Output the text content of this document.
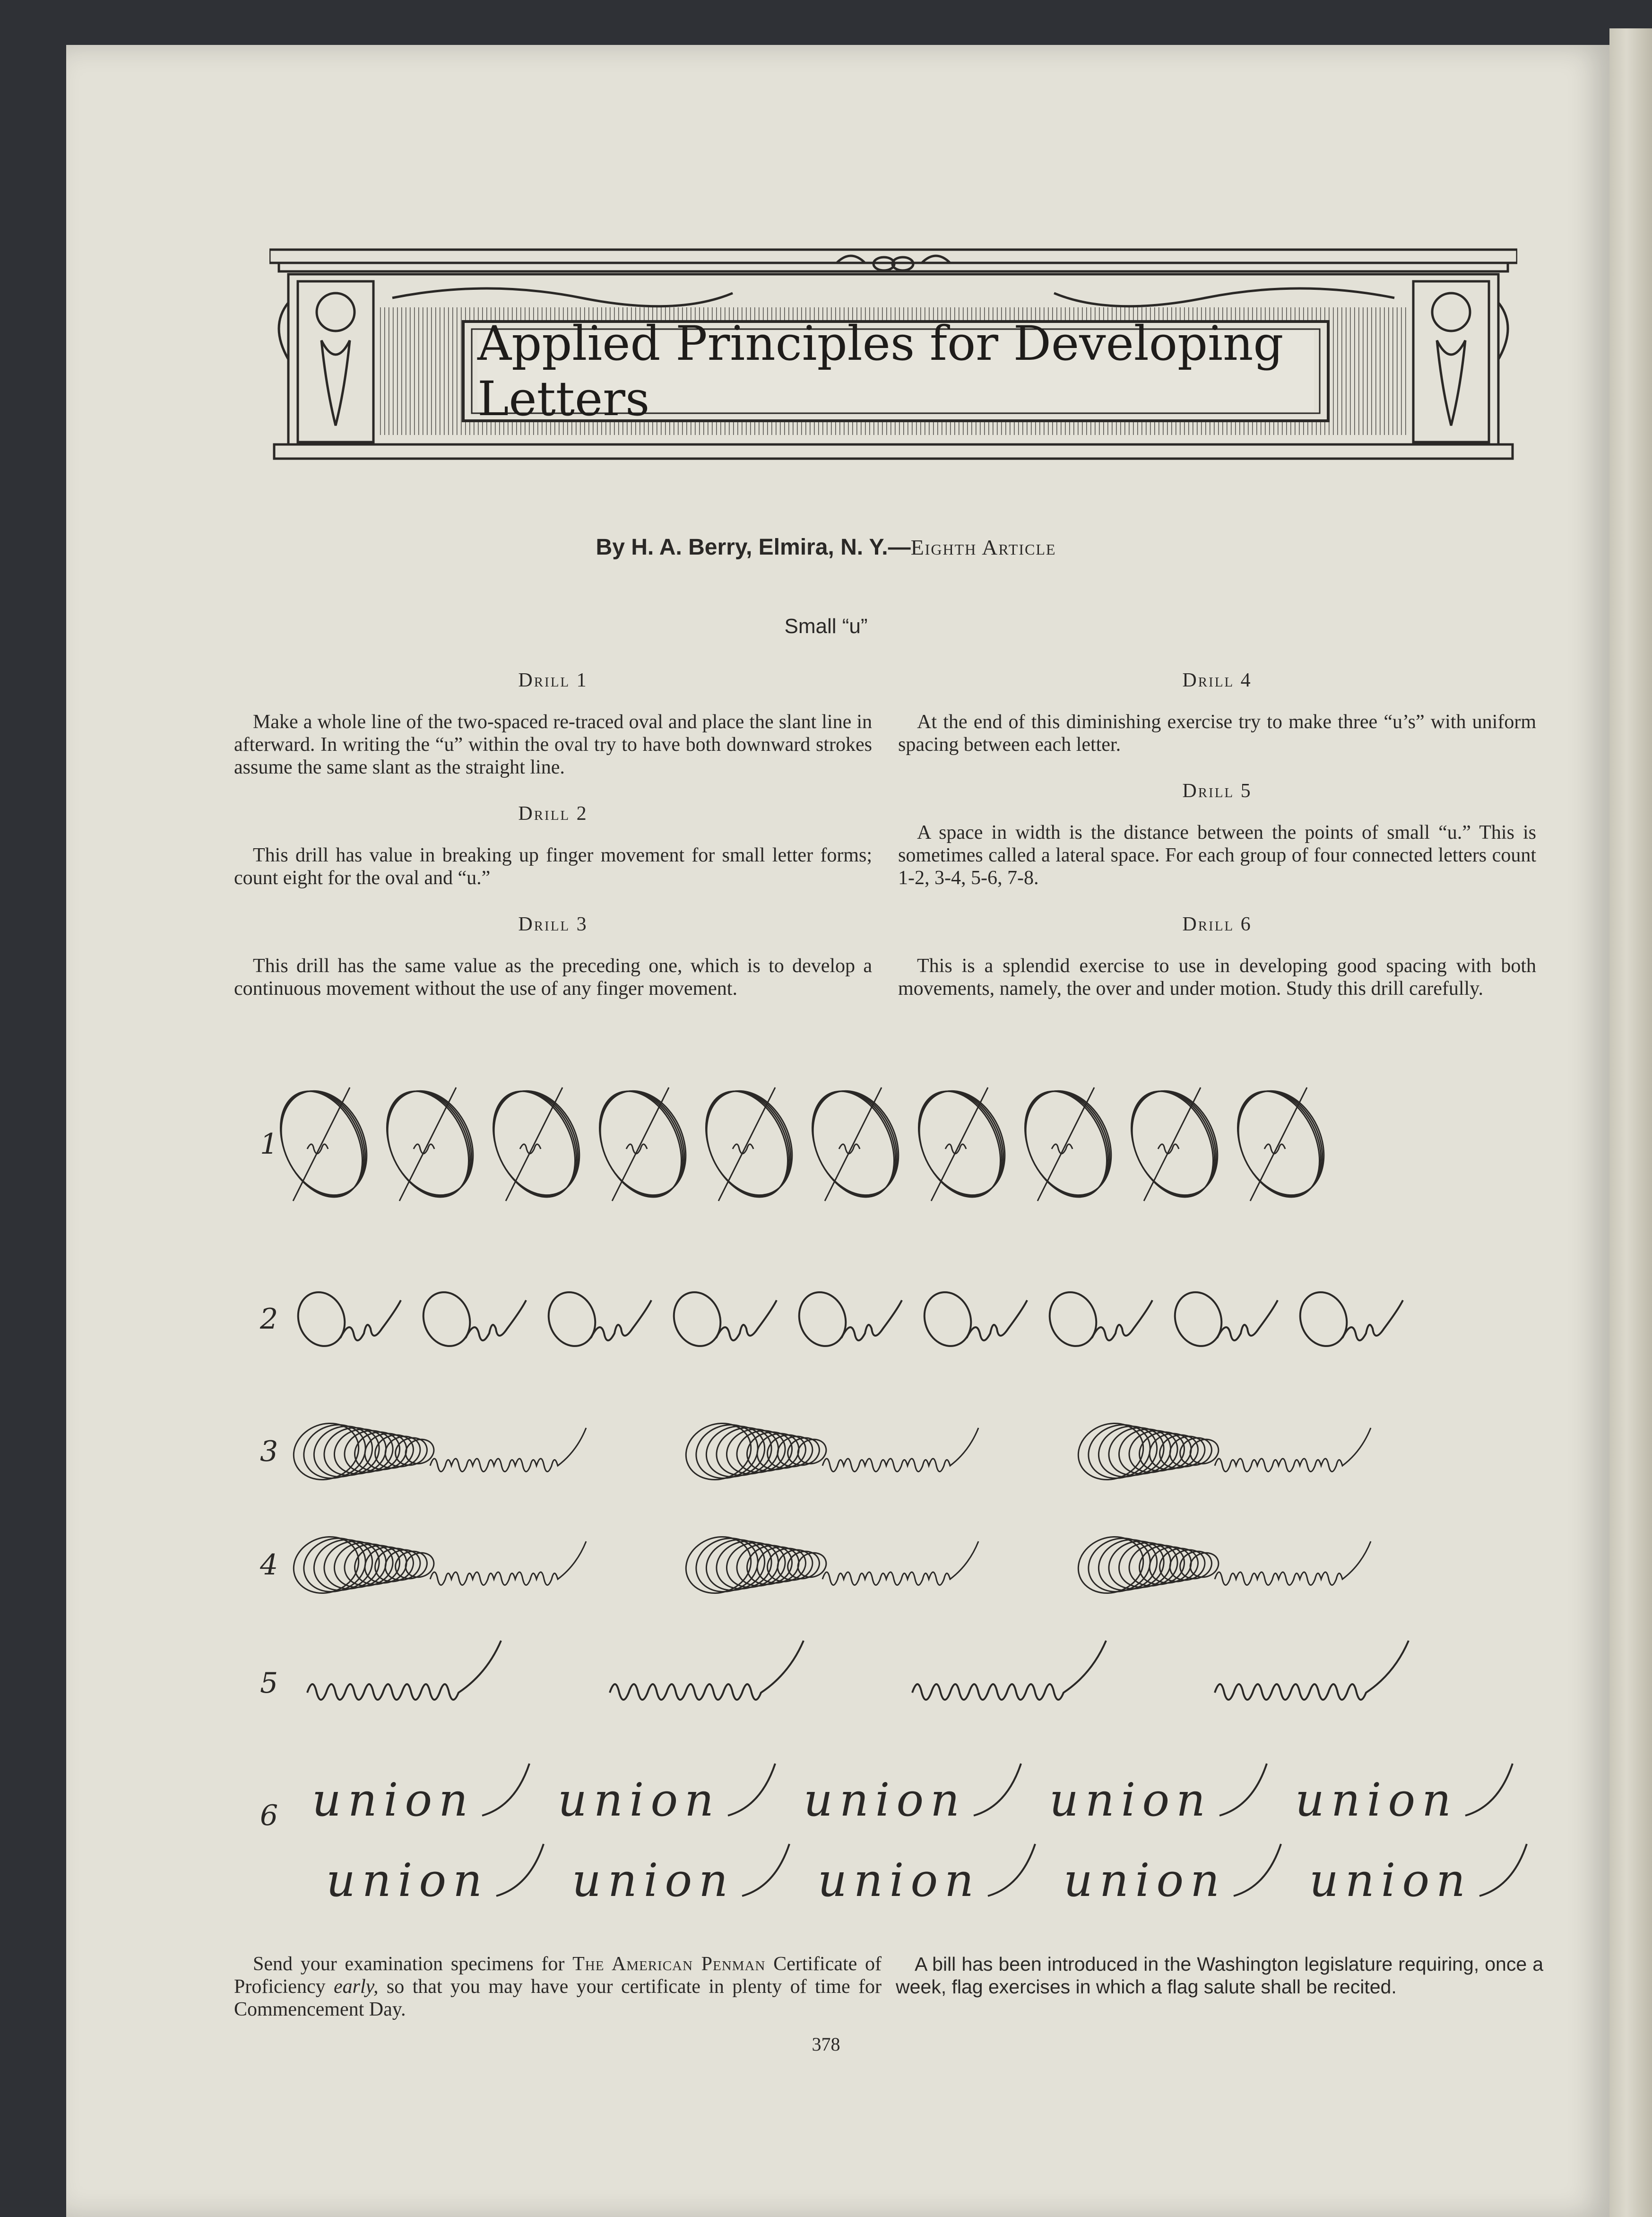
Applied Principles for Developing Letters
By H. A. Berry, Elmira, N. Y.—Eighth Article
Small “u”
Drill 1

Make a whole line of the two-spaced re-traced oval and place the slant line in afterward. In writing the “u” within the oval try to have both downward strokes assume the same slant as the straight line.

Drill 2

This drill has value in breaking up finger movement for small letter forms; count eight for the oval and “u.”

Drill 3

This drill has the same value as the preceding one, which is to develop a continuous movement without the use of any finger movement.

Drill 4

At the end of this diminishing exercise try to make three “u’s” with uniform spacing between each letter.

Drill 5

A space in width is the distance between the points of small “u.” This is sometimes called a lateral space. For each group of four connected letters count 1-2, 3-4, 5-6, 7-8.

Drill 6

This is a splendid exercise to use in developing good spacing with both movements, namely, the over and under motion. Study this drill carefully.

1
2
3
4
5
6 union union union union union
union union union union union
Send your examination specimens for The American Penman Certificate of Proficiency early, so that you may have your certificate in plenty of time for Commencement Day.
A bill has been introduced in the Washington legislature requiring, once a week, flag exercises in which a flag salute shall be recited.
378
